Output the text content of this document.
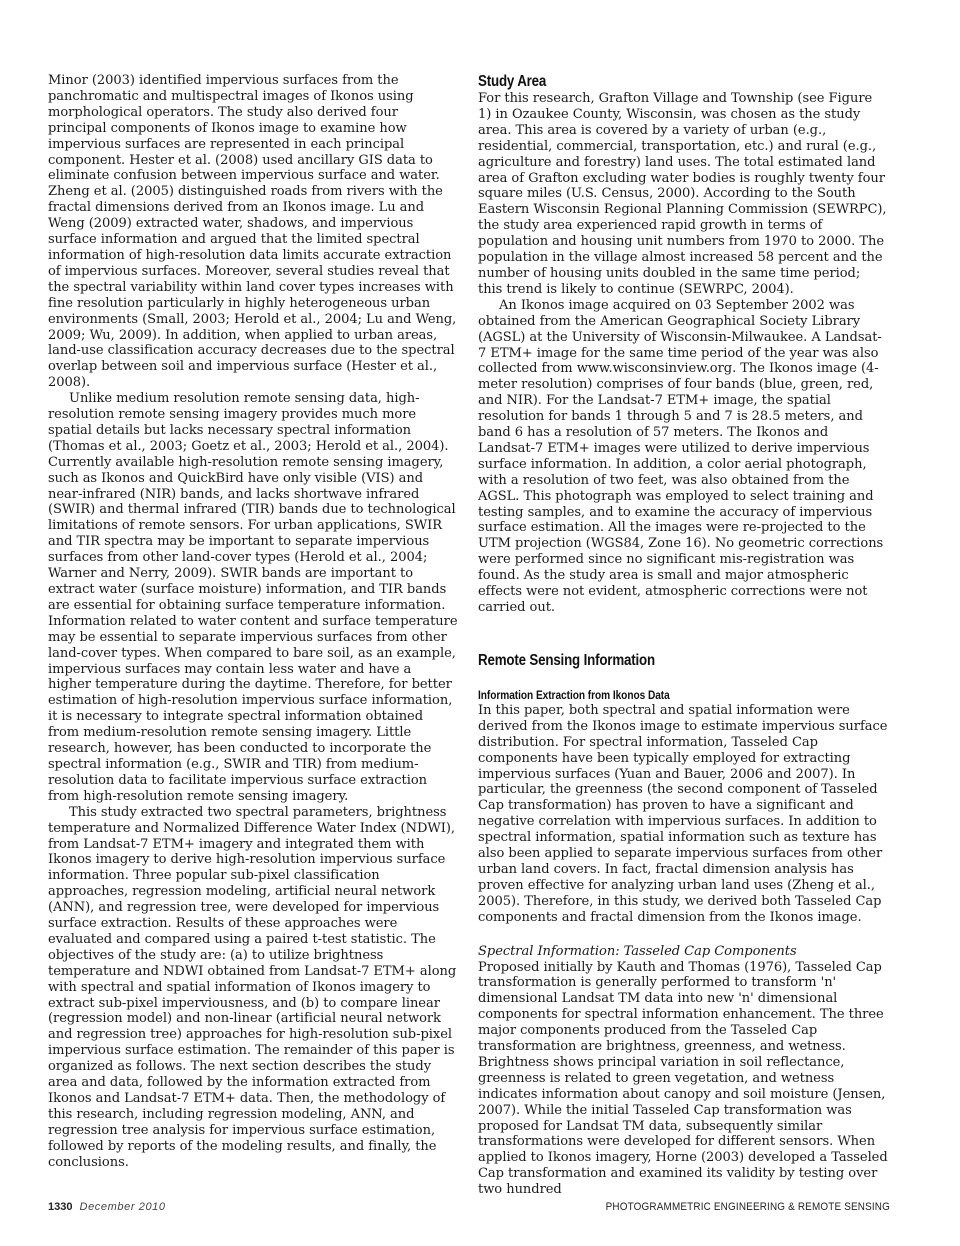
Minor (2003) identified impervious surfaces from the panchromatic and multispectral images of Ikonos using morphological operators. The study also derived four principal components of Ikonos image to examine how impervious surfaces are represented in each principal component. Hester et al. (2008) used ancillary GIS data to eliminate confusion between impervious surface and water. Zheng et al. (2005) distinguished roads from rivers with the fractal dimensions derived from an Ikonos image. Lu and Weng (2009) extracted water, shadows, and impervious surface information and argued that the limited spectral information of high-resolution data limits accurate extraction of impervious surfaces. Moreover, several studies reveal that the spectral variability within land cover types increases with fine resolution particularly in highly heterogeneous urban environments (Small, 2003; Herold et al., 2004; Lu and Weng, 2009; Wu, 2009). In addition, when applied to urban areas, land-use classification accuracy decreases due to the spectral overlap between soil and impervious surface (Hester et al., 2008).

Unlike medium resolution remote sensing data, high-resolution remote sensing imagery provides much more spatial details but lacks necessary spectral information (Thomas et al., 2003; Goetz et al., 2003; Herold et al., 2004). Currently available high-resolution remote sensing imagery, such as Ikonos and QuickBird have only visible (VIS) and near-infrared (NIR) bands, and lacks shortwave infrared (SWIR) and thermal infrared (TIR) bands due to technological limitations of remote sensors. For urban applications, SWIR and TIR spectra may be important to separate impervious surfaces from other land-cover types (Herold et al., 2004; Warner and Nerry, 2009). SWIR bands are important to extract water (surface moisture) information, and TIR bands are essential for obtaining surface temperature information. Information related to water content and surface temperature may be essential to separate impervious surfaces from other land-cover types. When compared to bare soil, as an example, impervious surfaces may contain less water and have a higher temperature during the daytime. Therefore, for better estimation of high-resolution impervious surface information, it is necessary to integrate spectral information obtained from medium-resolution remote sensing imagery. Little research, however, has been conducted to incorporate the spectral information (e.g., SWIR and TIR) from medium-resolution data to facilitate impervious surface extraction from high-resolution remote sensing imagery.

This study extracted two spectral parameters, brightness temperature and Normalized Difference Water Index (NDWI), from Landsat-7 ETM+ imagery and integrated them with Ikonos imagery to derive high-resolution impervious surface information. Three popular sub-pixel classification approaches, regression modeling, artificial neural network (ANN), and regression tree, were developed for impervious surface extraction. Results of these approaches were evaluated and compared using a paired t-test statistic. The objectives of the study are: (a) to utilize brightness temperature and NDWI obtained from Landsat-7 ETM+ along with spectral and spatial information of Ikonos imagery to extract sub-pixel imperviousness, and (b) to compare linear (regression model) and non-linear (artificial neural network and regression tree) approaches for high-resolution sub-pixel impervious surface estimation. The remainder of this paper is organized as follows. The next section describes the study area and data, followed by the information extracted from Ikonos and Landsat-7 ETM+ data. Then, the methodology of this research, including regression modeling, ANN, and regression tree analysis for impervious surface estimation, followed by reports of the modeling results, and finally, the conclusions.

Study Area

For this research, Grafton Village and Township (see Figure 1) in Ozaukee County, Wisconsin, was chosen as the study area. This area is covered by a variety of urban (e.g., residential, commercial, transportation, etc.) and rural (e.g., agriculture and forestry) land uses. The total estimated land area of Grafton excluding water bodies is roughly twenty four square miles (U.S. Census, 2000). According to the South Eastern Wisconsin Regional Planning Commission (SEWRPC), the study area experienced rapid growth in terms of population and housing unit numbers from 1970 to 2000. The population in the village almost increased 58 percent and the number of housing units doubled in the same time period; this trend is likely to continue (SEWRPC, 2004).

An Ikonos image acquired on 03 September 2002 was obtained from the American Geographical Society Library (AGSL) at the University of Wisconsin-Milwaukee. A Landsat-7 ETM+ image for the same time period of the year was also collected from www.wisconsinview.org. The Ikonos image (4-meter resolution) comprises of four bands (blue, green, red, and NIR). For the Landsat-7 ETM+ image, the spatial resolution for bands 1 through 5 and 7 is 28.5 meters, and band 6 has a resolution of 57 meters. The Ikonos and Landsat-7 ETM+ images were utilized to derive impervious surface information. In addition, a color aerial photograph, with a resolution of two feet, was also obtained from the AGSL. This photograph was employed to select training and testing samples, and to examine the accuracy of impervious surface estimation. All the images were re-projected to the UTM projection (WGS84, Zone 16). No geometric corrections were performed since no significant mis-registration was found. As the study area is small and major atmospheric effects were not evident, atmospheric corrections were not carried out.

Remote Sensing Information
Information Extraction from Ikonos Data

In this paper, both spectral and spatial information were derived from the Ikonos image to estimate impervious surface distribution. For spectral information, Tasseled Cap components have been typically employed for extracting impervious surfaces (Yuan and Bauer, 2006 and 2007). In particular, the greenness (the second component of Tasseled Cap transformation) has proven to have a significant and negative correlation with impervious surfaces. In addition to spectral information, spatial information such as texture has also been applied to separate impervious surfaces from other urban land covers. In fact, fractal dimension analysis has proven effective for analyzing urban land uses (Zheng et al., 2005). Therefore, in this study, we derived both Tasseled Cap components and fractal dimension from the Ikonos image.

Spectral Information: Tasseled Cap Components

Proposed initially by Kauth and Thomas (1976), Tasseled Cap transformation is generally performed to transform 'n' dimensional Landsat TM data into new 'n' dimensional components for spectral information enhancement. The three major components produced from the Tasseled Cap transformation are brightness, greenness, and wetness. Brightness shows principal variation in soil reflectance, greenness is related to green vegetation, and wetness indicates information about canopy and soil moisture (Jensen, 2007). While the initial Tasseled Cap transformation was proposed for Landsat TM data, subsequently similar transformations were developed for different sensors. When applied to Ikonos imagery, Horne (2003) developed a Tasseled Cap transformation and examined its validity by testing over two hundred

1330 December 2010	PHOTOGRAMMETRIC ENGINEERING & REMOTE SENSING
